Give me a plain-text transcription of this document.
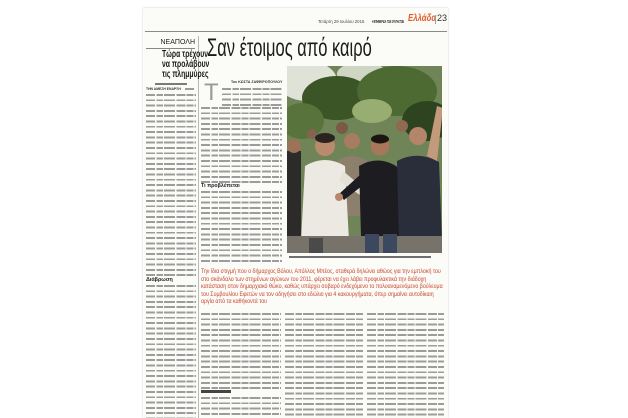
Τετάρτη 29 Ιουλίου 2015 Η ΕΦΗΜΕΡΙΔΑ ΤΩΝ ΣΥΝΤΑΚΤΩΝ Ελλάδα 23
ΝΕΑΠΟΛΗ
Τώρα τρέχουν
να προλάβουν
τις πλημμύρες
ΤΗΝ ΑΜΕΣΗ ΕΝΑΡΞΗ
Διάβρωση
Σαν έτοιμος από καιρό
Του ΚΩΣΤΑ ΖΑΦΕΙΡΟΠΟΥΛΟΥ
Τ
Τι προβλέπεται
Την ίδια στιγμή που ο δήμαρχος Βόλου, Απόλλος Μπέος, σταθερά δηλώνει αθώος για την εμπλοκή του στο σκάνδαλο των στημένων αγώνων του 2011, φέρεται να έχει λάβει προφυλακτικά την διάδοχη κατάσταση στον δημαρχιακό θώκο, καθώς υπάρχει σοβαρό ενδεχόμενο το πολυαναμενόμενο βούλευμα του Συμβουλίου Εφετών να τον οδηγήσει στο εδώλιο για 4 κακουργήματα, όπερ σημαίνει αυτοδίκαιη αργία από τα καθήκοντά του
